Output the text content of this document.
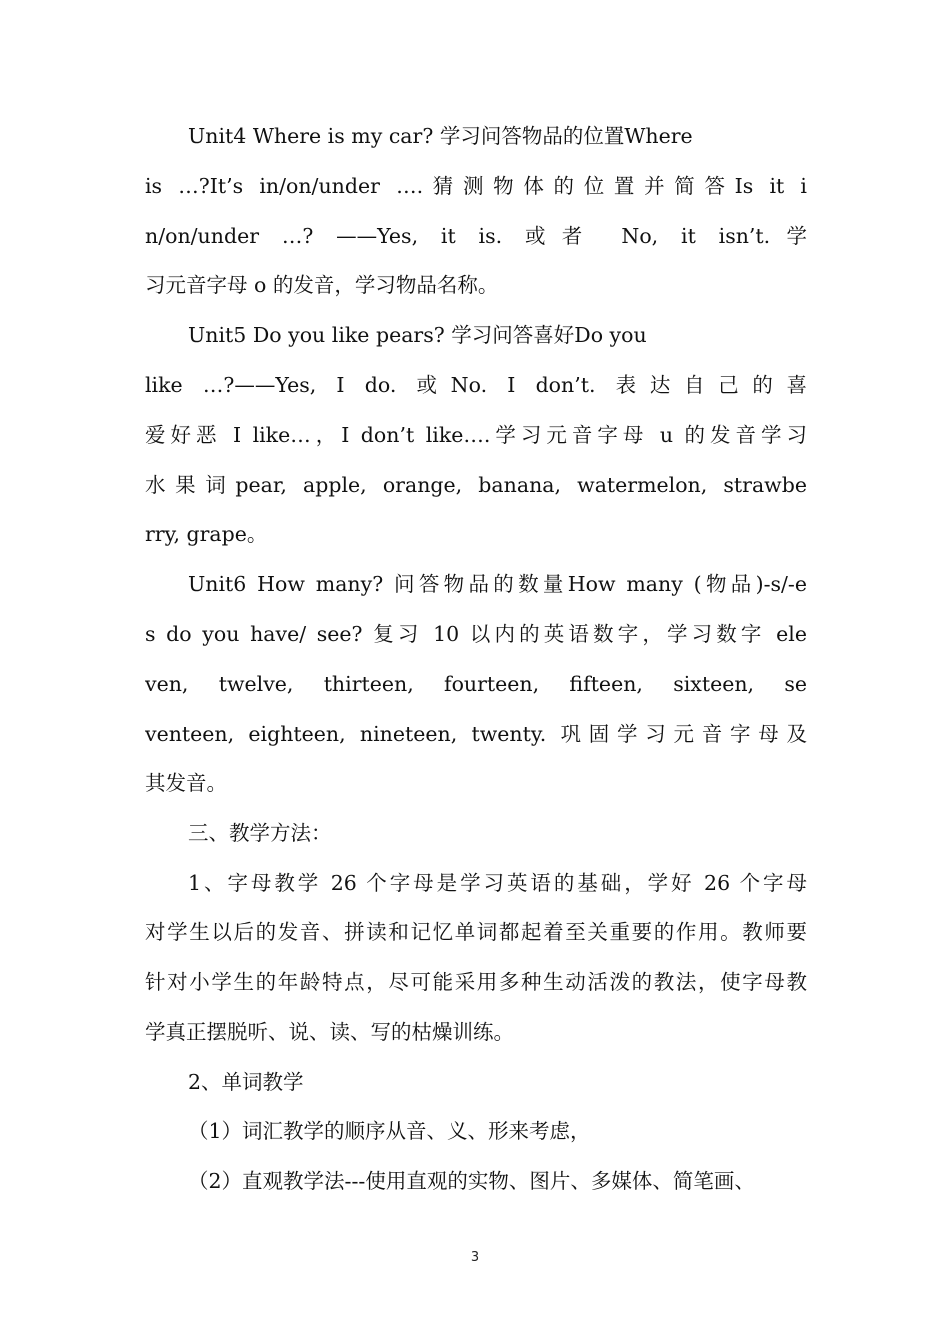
Unit4 Where is my car? 学习问答物品的位置Where
is …?It’s in/on/under ….猜测物体的位置并简答Is it i
n/on/under …? ——Yes, it is. 或者 No, it isn’t.学
习元音字母 o 的发音，学习物品名称。
Unit5 Do you like pears? 学习问答喜好Do you
like …?——Yes, I do. 或No. I don’t. 表达自己的喜
爱好恶 I like…，I don’t like….学习元音字母 u 的发音学习
水果词pear, apple, orange, banana, watermelon, strawbe
rry, grape。
Unit6 How many? 问答物品的数量How many (物品)-s/-e
s do you have/ see? 复习 10 以内的英语数字，学习数字 ele
ven, twelve, thirteen, fourteen, fifteen, sixteen, se
venteen, eighteen, nineteen, twenty. 巩固学习元音字母及
其发音。
三、教学方法：
1、字母教学 26 个字母是学习英语的基础，学好 26 个字母
对学生以后的发音、拼读和记忆单词都起着至关重要的作用。教师要
针对小学生的年龄特点，尽可能采用多种生动活泼的教法，使字母教
学真正摆脱听、说、读、写的枯燥训练。
2、单词教学
（1）词汇教学的顺序从音、义、形来考虑，
（2）直观教学法---使用直观的实物、图片、多媒体、简笔画、
3
